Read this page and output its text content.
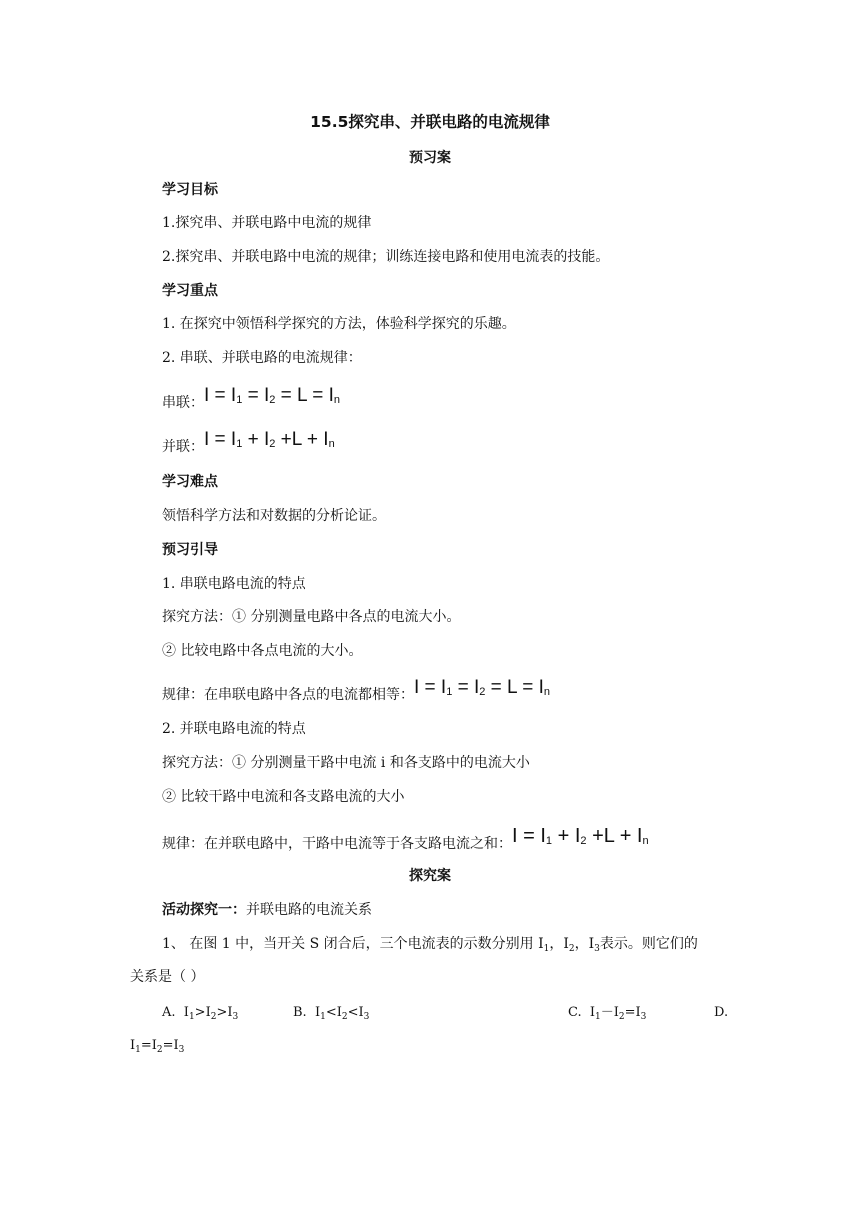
15.5探究串、并联电路的电流规律
预习案
学习目标
1.探究串、并联电路中电流的规律
2.探究串、并联电路中电流的规律；训练连接电路和使用电流表的技能。
学习重点
1. 在探究中领悟科学探究的方法，体验科学探究的乐趣。
2. 串联、并联电路的电流规律：
串联：$I = I_1 = I_2 = L = I_n$
并联：$I = I_1 + I_2 +L + I_n$
学习难点
领悟科学方法和对数据的分析论证。
预习引导
1. 串联电路电流的特点
探究方法：① 分别测量电路中各点的电流大小。
② 比较电路中各点电流的大小。
规律：在串联电路中各点的电流都相等：$I = I_1 = I_2 = L = I_n$
2. 并联电路电流的特点
探究方法：① 分别测量干路中电流 i 和各支路中的电流大小
② 比较干路中电流和各支路电流的大小
规律：在并联电路中，干路中电流等于各支路电流之和：$I = I_1 + I_2 +L + I_n$
探究案
活动探究一：并联电路的电流关系
1、 在图 1 中，当开关 S 闭合后，三个电流表的示数分别用 $I_1$，$I_2$，$I_3$表示。则它们的
关系是（ ）
A. $I_1>I_2>I_3$	B. $I_1<I_2<I_3$	C. $I_1-I_2=I_3$	D.
$I_1=I_2=I_3$
